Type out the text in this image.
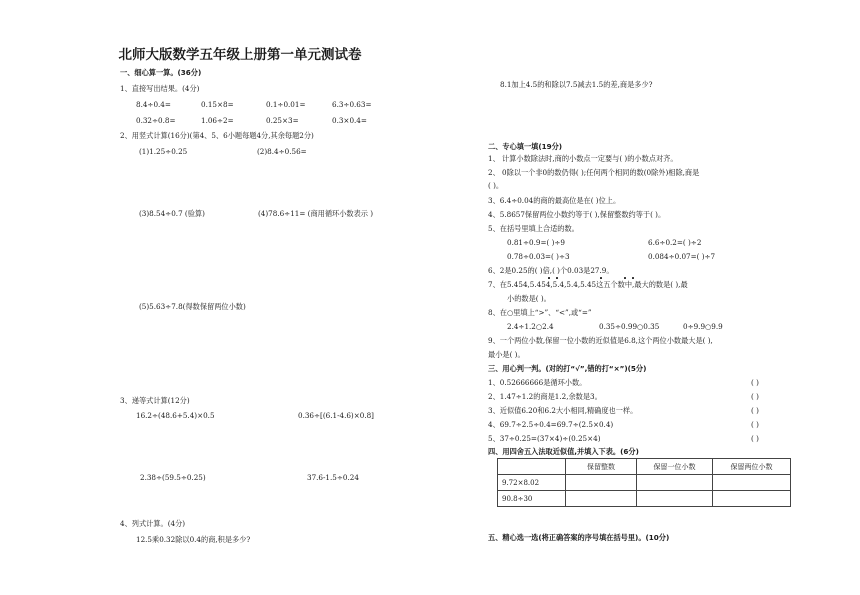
北师大版数学五年级上册第一单元测试卷
一、细心算一算。(36分)
1、直接写出结果。(4分)
8.4÷0.4=	0.15×8=	0.1÷0.01=	6.3÷0.63=
0.32÷0.8=	1.06÷2=	0.25×3=	0.3×0.4=
2、用竖式计算(16分)(第4、5、6小题每题4分,其余每题2分)
(1)1.25÷0.25	(2)8.4÷0.56=
(3)8.54÷0.7 (验算)	(4)78.6÷11= (商用循环小数表示 )
(5)5.63÷7.8(得数保留两位小数)
3、递等式计算(12分)
16.2÷(48.6+5.4)×0.5	0.36÷[(6.1-4.6)×0.8]
2.38÷(59.5÷0.25)	37.6-1.5÷0.24
4、列式计算。(4分)
12.5乘0.32除以0.4的商,积是多少?
8.1加上4.5的和除以7.5减去1.5的差,商是多少?
二、专心填一填(19分)
1、 计算小数除法时,商的小数点一定要与( )的小数点对齐。
2、 0除以一个非0的数仍得( );任何两个相同的数(0除外)相除,商是
( )。
3、6.4÷0.04的商的最高位是在( )位上。
4、5.8657保留两位小数约等于( ),保留整数约等于( )。
5、在括号里填上合适的数。
0.81÷0.9=( )÷9	6.6÷0.2=( )÷2
0.78÷0.03=( )÷3	0.084÷0.07=( )÷7
6、2是0.25的( )倍,( )个0.03是27.9。
7、在5.454,5.454,5.4,5.4,5.45这五个数中,最大的数是( ),最
小的数是( )。
8、在○里填上“>”、“<”,或“=”
2.4÷1.2○2.4	0.35÷0.99○0.35	0÷9.9○9.9
9、一个两位小数,保留一位小数的近似值是6.8,这个两位小数最大是( ),
最小是( )。
三、用心判一判。(对的打“√”,错的打“×”)(5分)
1、0.52666666是循环小数。	( )
2、1.47÷1.2的商是1.2,余数是3。	( )
3、近似值6.20和6.2大小相同,精确度也一样。	( )
4、69.7÷2.5÷0.4=69.7÷(2.5×0.4)	( )
5、37÷0.25=(37×4)÷(0.25×4)	( )
四、用四舍五入法取近似值,并填入下表。(6分)
	保留整数	保留一位小数	保留两位小数
9.72×8.02			
90.8÷30			
五、精心选一选(将正确答案的序号填在括号里)。(10分)
